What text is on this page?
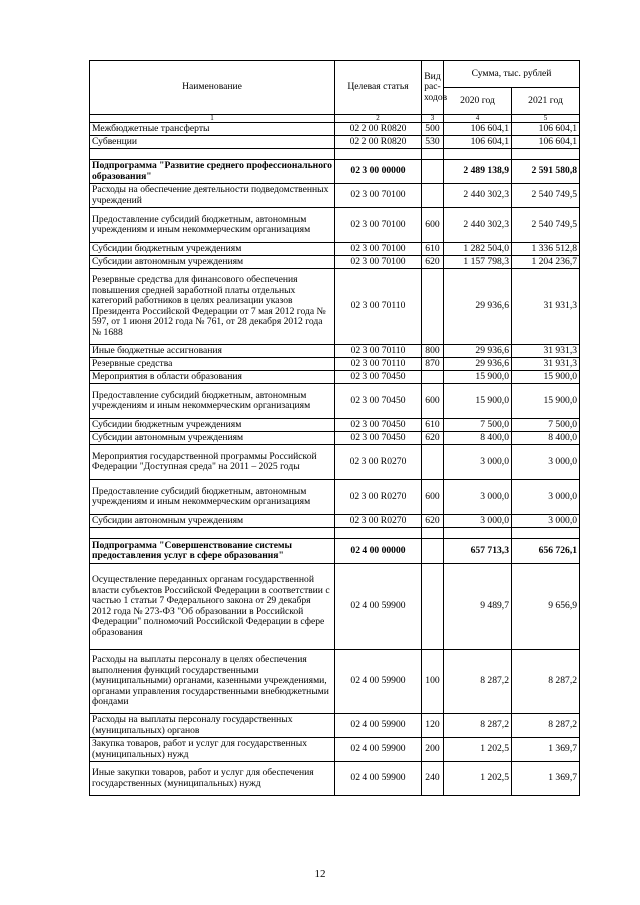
Наименование	Целевая статья	Вид рас-ходов	Сумма, тыс. рублей	
			2020 год	2021 год
1	2	3	4	5
Межбюджетные трансферты	02 2 00 R0820	500	106 604,1	106 604,1
Субвенции	02 2 00 R0820	530	106 604,1	106 604,1

Подпрограмма "Развитие среднего профессионального образования"	02 3 00 00000		2 489 138,9	2 591 580,8
Расходы на обеспечение деятельности подведомственных учреждений	02 3 00 70100		2 440 302,3	2 540 749,5
Предоставление субсидий бюджетным, автономным учреждениям и иным некоммерческим организациям	02 3 00 70100	600	2 440 302,3	2 540 749,5
Субсидии бюджетным учреждениям	02 3 00 70100	610	1 282 504,0	1 336 512,8
Субсидии автономным учреждениям	02 3 00 70100	620	1 157 798,3	1 204 236,7
Резервные средства для финансового обеспечения повышения средней заработной платы отдельных категорий работников в целях реализации указов Президента Российской Федерации от 7 мая 2012 года № 597, от 1 июня 2012 года № 761, от 28 декабря 2012 года № 1688	02 3 00 70110		29 936,6	31 931,3
Иные бюджетные ассигнования	02 3 00 70110	800	29 936,6	31 931,3
Резервные средства	02 3 00 70110	870	29 936,6	31 931,3
Мероприятия в области образования	02 3 00 70450		15 900,0	15 900,0
Предоставление субсидий бюджетным, автономным учреждениям и иным некоммерческим организациям	02 3 00 70450	600	15 900,0	15 900,0
Субсидии бюджетным учреждениям	02 3 00 70450	610	7 500,0	7 500,0
Субсидии автономным учреждениям	02 3 00 70450	620	8 400,0	8 400,0
Мероприятия государственной программы Российской Федерации "Доступная среда" на 2011 – 2025 годы	02 3 00 R0270		3 000,0	3 000,0
Предоставление субсидий бюджетным, автономным учреждениям и иным некоммерческим организациям	02 3 00 R0270	600	3 000,0	3 000,0
Субсидии автономным учреждениям	02 3 00 R0270	620	3 000,0	3 000,0

Подпрограмма "Совершенствование системы предоставления услуг в сфере образования"	02 4 00 00000		657 713,3	656 726,1
Осуществление переданных органам государственной власти субъектов Российской Федерации в соответствии с частью 1 статьи 7 Федерального закона от 29 декабря 2012 года № 273-ФЗ "Об образовании в Российской Федерации" полномочий Российской Федерации в сфере образования	02 4 00 59900		9 489,7	9 656,9
Расходы на выплаты персоналу в целях обеспечения выполнения функций государственными (муниципальными) органами, казенными учреждениями, органами управления государственными внебюджетными фондами	02 4 00 59900	100	8 287,2	8 287,2
Расходы на выплаты персоналу государственных (муниципальных) органов	02 4 00 59900	120	8 287,2	8 287,2
Закупка товаров, работ и услуг для государственных (муниципальных) нужд	02 4 00 59900	200	1 202,5	1 369,7
Иные закупки товаров, работ и услуг для обеспечения государственных (муниципальных) нужд	02 4 00 59900	240	1 202,5	1 369,7
12
